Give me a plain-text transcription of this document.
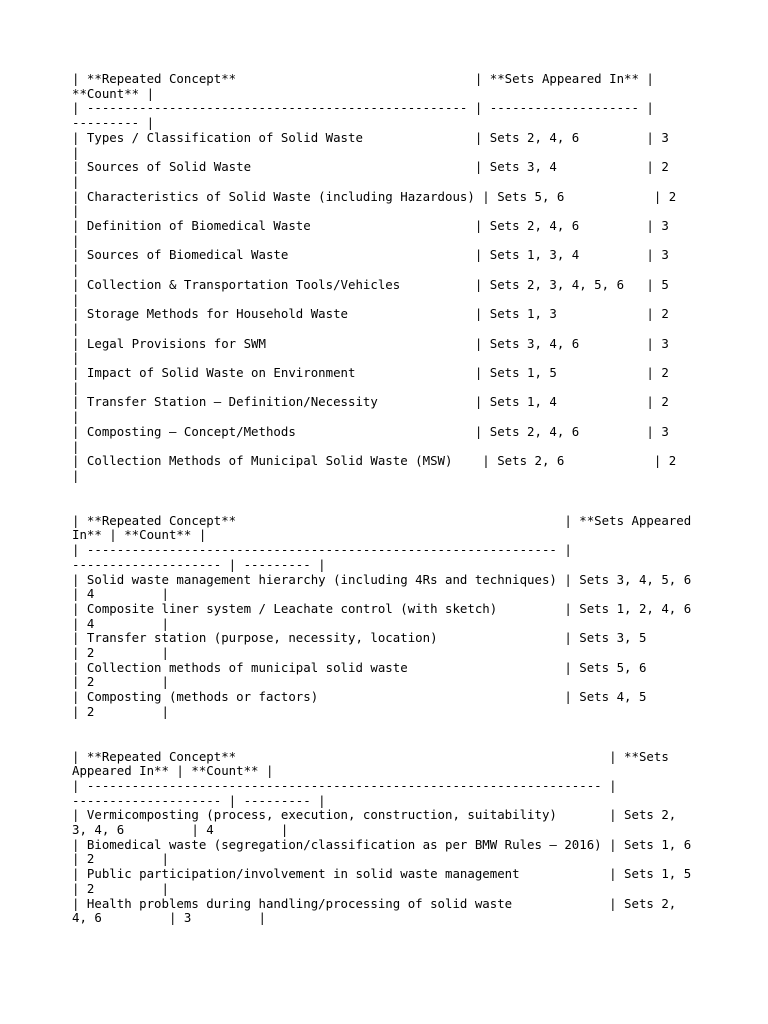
| **Repeated Concept**                                | **Sets Appeared In** |
**Count** |
| --------------------------------------------------- | -------------------- |
--------- |
| Types / Classification of Solid Waste               | Sets 2, 4, 6         | 3
|
| Sources of Solid Waste                              | Sets 3, 4            | 2
|
| Characteristics of Solid Waste (including Hazardous) | Sets 5, 6            | 2
|
| Definition of Biomedical Waste                      | Sets 2, 4, 6         | 3
|
| Sources of Biomedical Waste                         | Sets 1, 3, 4         | 3
|
| Collection & Transportation Tools/Vehicles          | Sets 2, 3, 4, 5, 6   | 5
|
| Storage Methods for Household Waste                 | Sets 1, 3            | 2
|
| Legal Provisions for SWM                            | Sets 3, 4, 6         | 3
|
| Impact of Solid Waste on Environment                | Sets 1, 5            | 2
|
| Transfer Station – Definition/Necessity             | Sets 1, 4            | 2
|
| Composting – Concept/Methods                        | Sets 2, 4, 6         | 3
|
| Collection Methods of Municipal Solid Waste (MSW)    | Sets 2, 6            | 2
|
| **Repeated Concept**                                            | **Sets Appeared
In** | **Count** |
| --------------------------------------------------------------- |
-------------------- | --------- |
| Solid waste management hierarchy (including 4Rs and techniques) | Sets 3, 4, 5, 6
| 4         |
| Composite liner system / Leachate control (with sketch)         | Sets 1, 2, 4, 6
| 4         |
| Transfer station (purpose, necessity, location)                 | Sets 3, 5
| 2         |
| Collection methods of municipal solid waste                     | Sets 5, 6
| 2         |
| Composting (methods or factors)                                 | Sets 4, 5
| 2         |
| **Repeated Concept**                                                  | **Sets
Appeared In** | **Count** |
| --------------------------------------------------------------------- |
-------------------- | --------- |
| Vermicomposting (process, execution, construction, suitability)       | Sets 2,
3, 4, 6         | 4         |
| Biomedical waste (segregation/classification as per BMW Rules – 2016) | Sets 1, 6
| 2         |
| Public participation/involvement in solid waste management            | Sets 1, 5
| 2         |
| Health problems during handling/processing of solid waste             | Sets 2,
4, 6         | 3         |
